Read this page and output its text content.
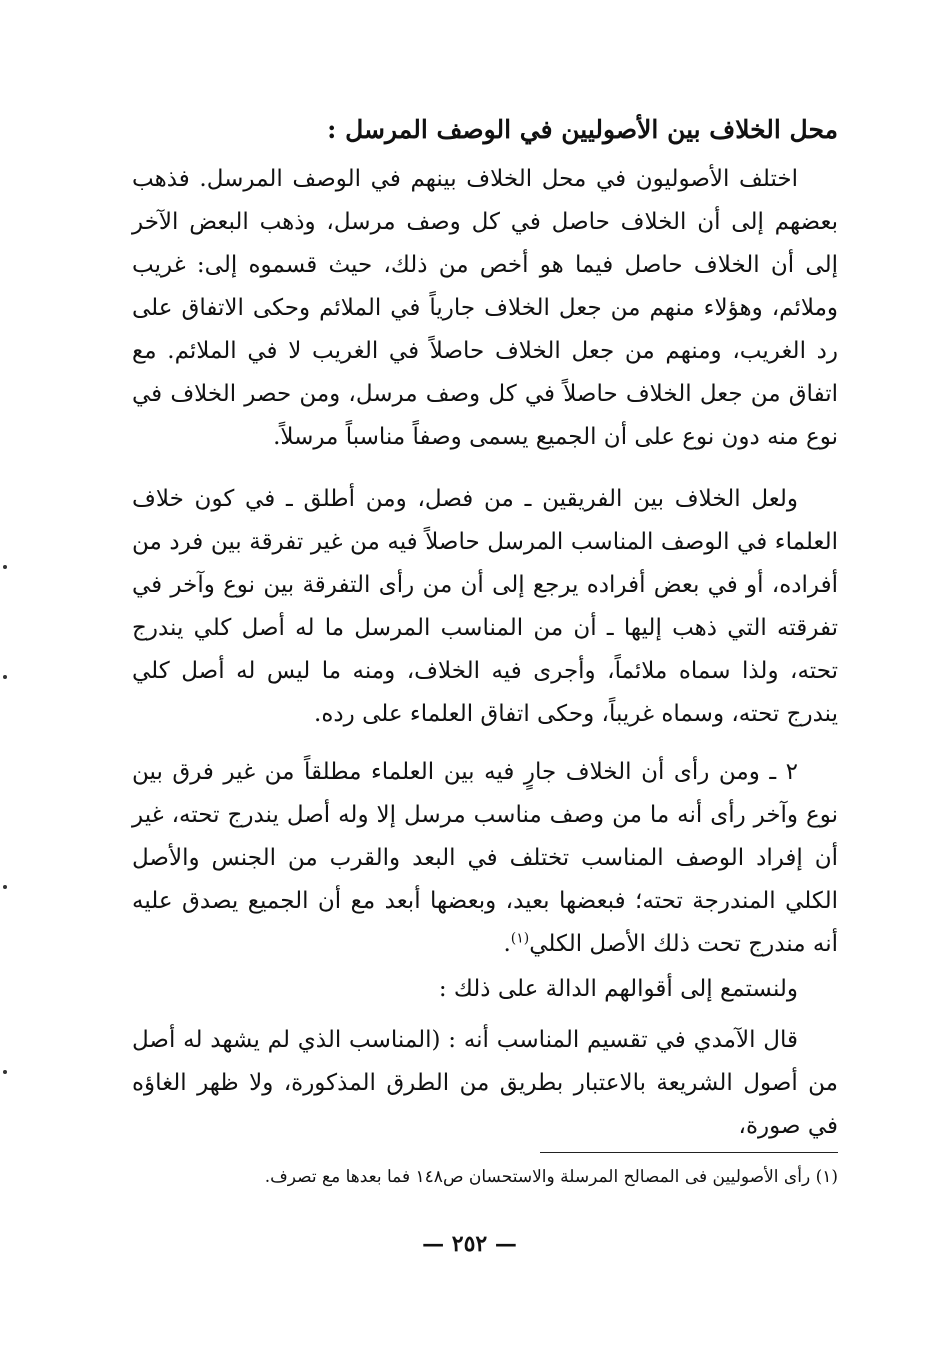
محل الخلاف بين الأصوليين في الوصف المرسل :

اختلف الأصوليون في محل الخلاف بينهم في الوصف المرسل. فذهب بعضهم إلى أن الخلاف حاصل في كل وصف مرسل، وذهب البعض الآخر إلى أن الخلاف حاصل فيما هو أخص من ذلك، حيث قسموه إلى: غريب وملائم، وهؤلاء منهم من جعل الخلاف جارياً في الملائم وحكى الاتفاق على رد الغريب، ومنهم من جعل الخلاف حاصلاً في الغريب لا في الملائم. مع اتفاق من جعل الخلاف حاصلاً في كل وصف مرسل، ومن حصر الخلاف في نوع منه دون نوع على أن الجميع يسمى وصفاً مناسباً مرسلاً.

ولعل الخلاف بين الفريقين ـ من فصل، ومن أطلق ـ في كون خلاف العلماء في الوصف المناسب المرسل حاصلاً فيه من غير تفرقة بين فرد من أفراده، أو في بعض أفراده يرجع إلى أن من رأى التفرقة بين نوع وآخر في تفرقته التي ذهب إليها ـ أن من المناسب المرسل ما له أصل كلي يندرج تحته، ولذا سماه ملائماً، وأجرى فيه الخلاف، ومنه ما ليس له أصل كلي يندرج تحته، وسماه غريباً، وحكى اتفاق العلماء على رده.

٢ ـ ومن رأى أن الخلاف جارٍ فيه بين العلماء مطلقاً من غير فرق بين نوع وآخر رأى أنه ما من وصف مناسب مرسل إلا وله أصل يندرج تحته، غير أن إفراد الوصف المناسب تختلف في البعد والقرب من الجنس والأصل الكلي المندرجة تحته؛ فبعضها بعيد، وبعضها أبعد مع أن الجميع يصدق عليه أنه مندرج تحت ذلك الأصل الكلي$^{(١)}$.

ولنستمع إلى أقوالهم الدالة على ذلك :

قال الآمدي في تقسيم المناسب أنه : (المناسب الذي لم يشهد له أصل من أصول الشريعة بالاعتبار بطريق من الطرق المذكورة، ولا ظهر الغاؤه في صورة،

(١) رأى الأصوليين فى المصالح المرسلة والاستحسان ص١٤٨ فما بعدها مع تصرف.
— ٢٥٢ —
